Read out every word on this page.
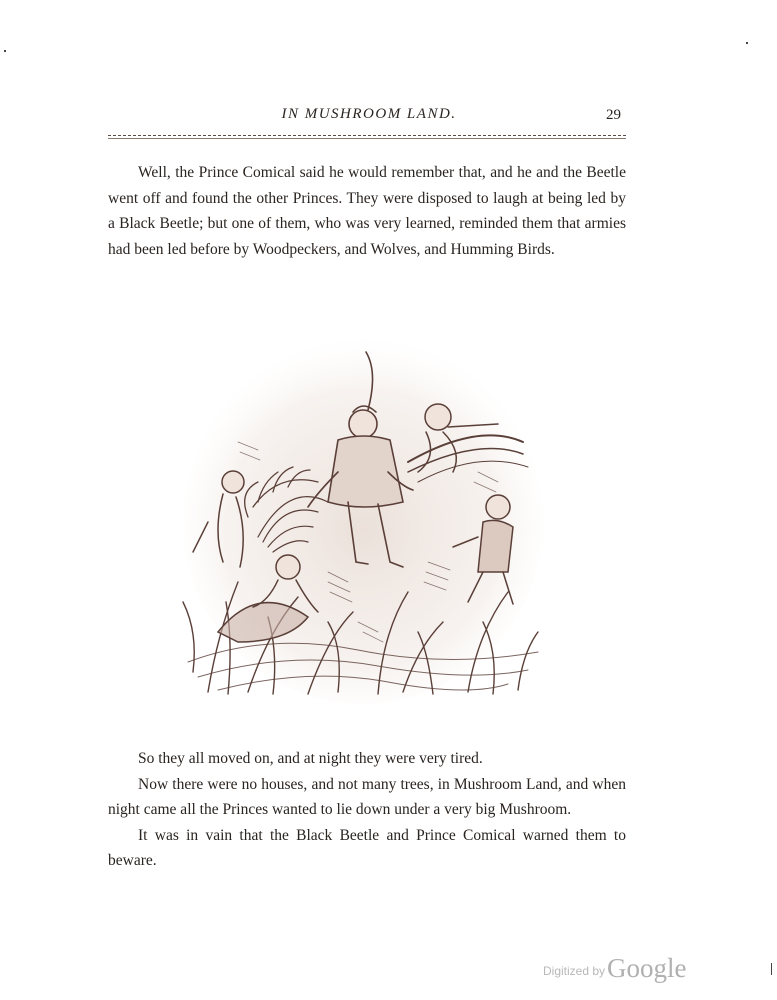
IN MUSHROOM LAND.	29

Well, the Prince Comical said he would remember that, and he and the Beetle went off and found the other Princes. They were disposed to laugh at being led by a Black Beetle; but one of them, who was very learned, reminded them that armies had been led before by Woodpeckers, and Wolves, and Humming Birds.

So they all moved on, and at night they were very tired.

Now there were no houses, and not many trees, in Mushroom Land, and when night came all the Princes wanted to lie down under a very big Mushroom.

It was in vain that the Black Beetle and Prince Comical warned them to beware.

Digitized by Google
